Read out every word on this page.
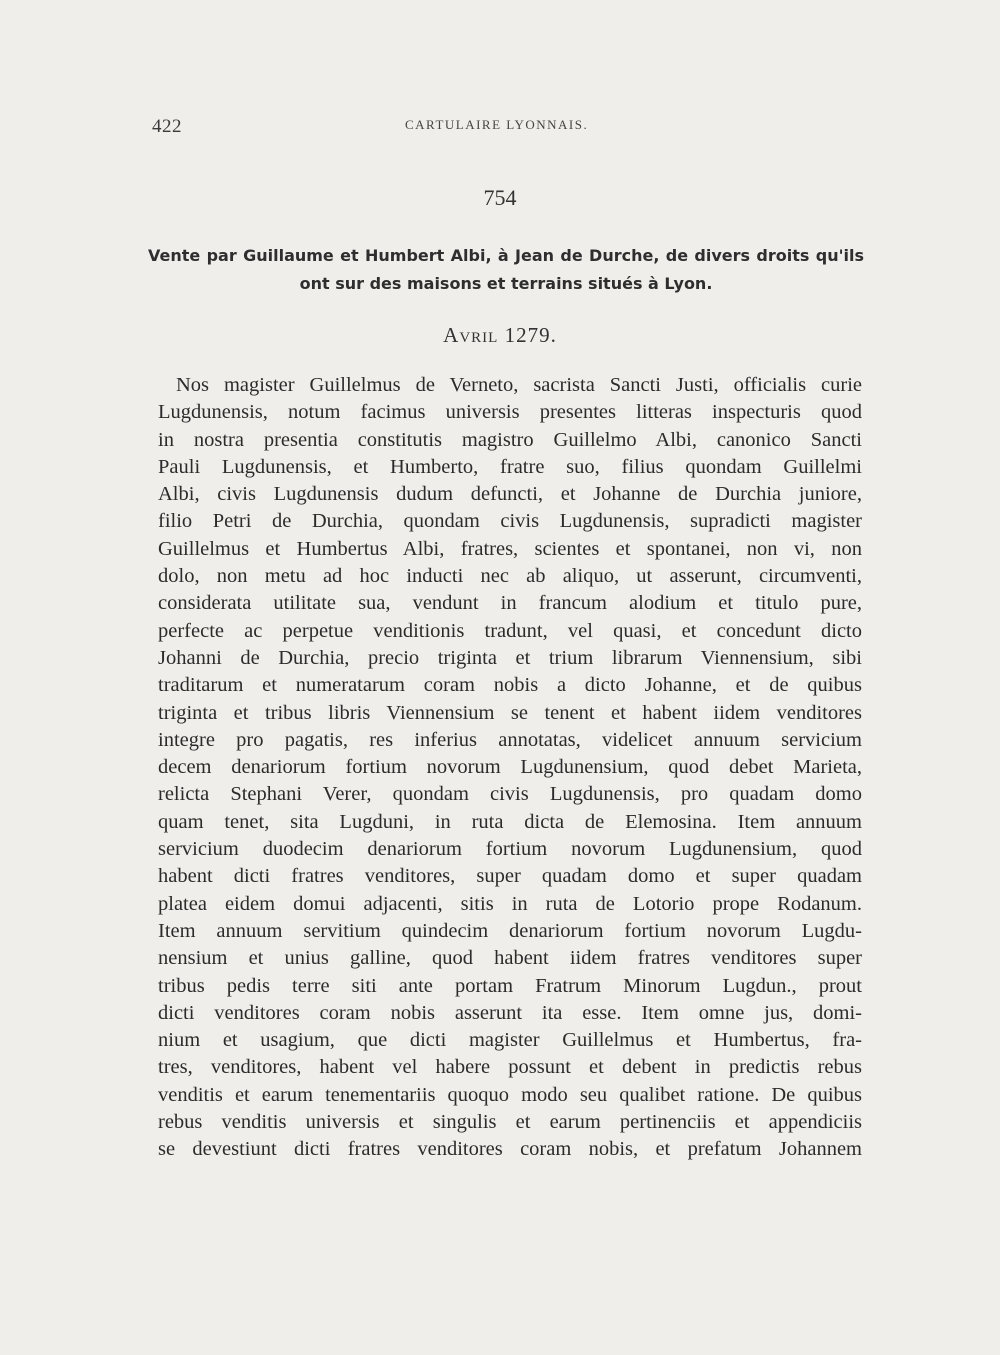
422	CARTULAIRE LYONNAIS.
754
Vente par Guillaume et Humbert Albi, à Jean de Durche, de divers droits qu'ils
ont sur des maisons et terrains situés à Lyon.
Avril 1279.
Nos magister Guillelmus de Verneto, sacrista Sancti Justi, officialis curie
Lugdunensis, notum facimus universis presentes litteras inspecturis quod
in nostra presentia constitutis magistro Guillelmo Albi, canonico Sancti
Pauli Lugdunensis, et Humberto, fratre suo, filius quondam Guillelmi
Albi, civis Lugdunensis dudum defuncti, et Johanne de Durchia juniore,
filio Petri de Durchia, quondam civis Lugdunensis, supradicti magister
Guillelmus et Humbertus Albi, fratres, scientes et spontanei, non vi, non
dolo, non metu ad hoc inducti nec ab aliquo, ut asserunt, circumventi,
considerata utilitate sua, vendunt in francum alodium et titulo pure,
perfecte ac perpetue venditionis tradunt, vel quasi, et concedunt dicto
Johanni de Durchia, precio triginta et trium librarum Viennensium, sibi
traditarum et numeratarum coram nobis a dicto Johanne, et de quibus
triginta et tribus libris Viennensium se tenent et habent iidem venditores
integre pro pagatis, res inferius annotatas, videlicet annuum servicium
decem denariorum fortium novorum Lugdunensium, quod debet Marieta,
relicta Stephani Verer, quondam civis Lugdunensis, pro quadam domo
quam tenet, sita Lugduni, in ruta dicta de Elemosina. Item annuum
servicium duodecim denariorum fortium novorum Lugdunensium, quod
habent dicti fratres venditores, super quadam domo et super quadam
platea eidem domui adjacenti, sitis in ruta de Lotorio prope Rodanum.
Item annuum servitium quindecim denariorum fortium novorum Lugdu-
nensium et unius galline, quod habent iidem fratres venditores super
tribus pedis terre siti ante portam Fratrum Minorum Lugdun., prout
dicti venditores coram nobis asserunt ita esse. Item omne jus, domi-
nium et usagium, que dicti magister Guillelmus et Humbertus, fra-
tres, venditores, habent vel habere possunt et debent in predictis rebus
venditis et earum tenementariis quoquo modo seu qualibet ratione. De quibus
rebus venditis universis et singulis et earum pertinenciis et appendiciis
se devestiunt dicti fratres venditores coram nobis, et prefatum Johannem
